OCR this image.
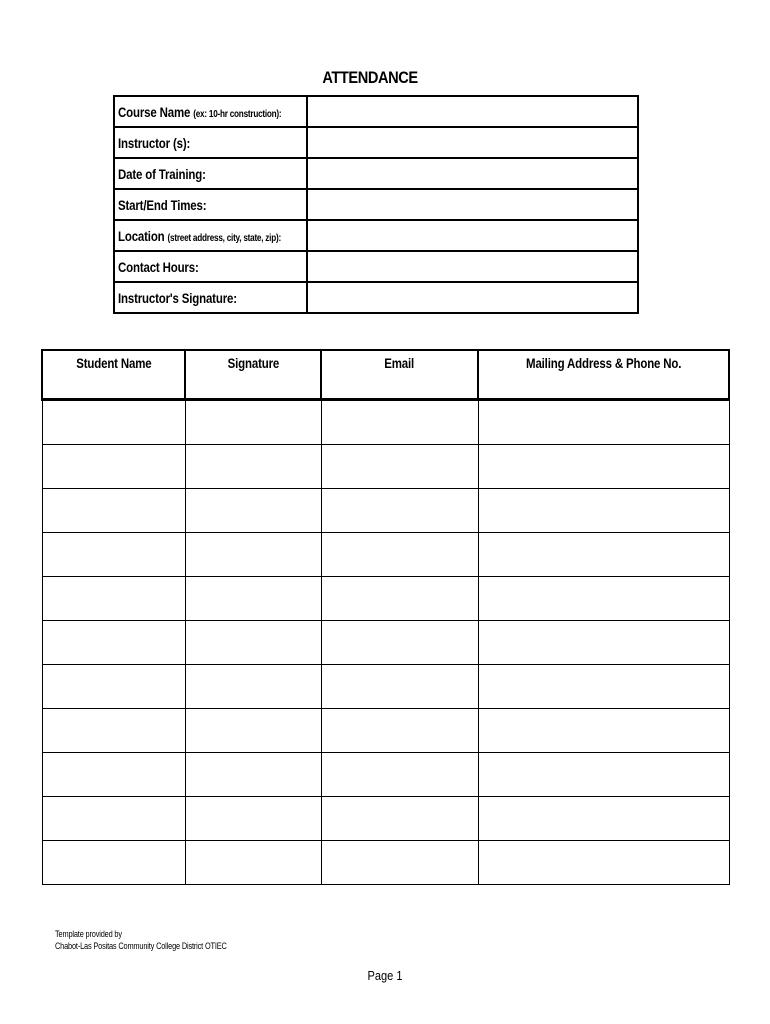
ATTENDANCE
Course Name (ex: 10-hr construction):	
Instructor (s):	
Date of Training:	
Start/End Times:	
Location (street address, city, state, zip):	
Contact Hours:	
Instructor's Signature:	
Student Name	Signature	Email	Mailing Address & Phone No.

Template provided by
Chabot-Las Positas Community College District OTIEC
Page 1
